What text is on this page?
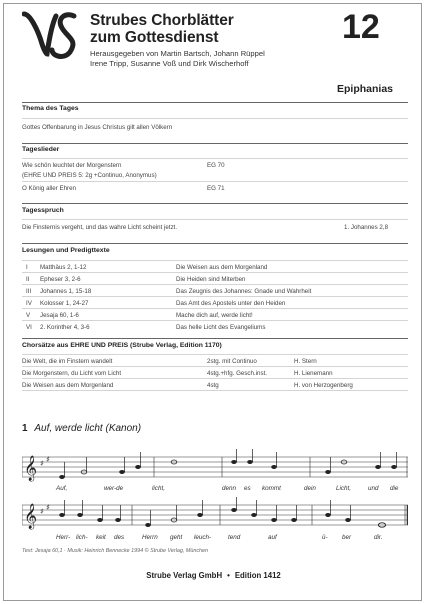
Strubes Chorblätter
zum Gottesdienst	12
Herausgegeben von Martin Bartsch, Johann Rüppel
Irene Tripp, Susanne Voß und Dirk Wischerhoff
Epiphanias
Thema des Tages
Gottes Offenbarung in Jesus Christus gilt allen Völkern
Tageslieder
Wie schön leuchtet der Morgenstern	EG 70
(EHRE UND PREIS 5: 2g +Continuo, Anonymus)
O König aller Ehren	EG 71
Tagesspruch
Die Finsternis vergeht, und das wahre Licht scheint jetzt.	1. Johannes 2,8
Lesungen und Predigttexte
I Matthäus 2, 1-12	Die Weisen aus dem Morgenland
II Epheser 3, 2-6	Die Heiden sind Miterben
III Johannes 1, 15-18	Das Zeugnis des Johannes: Gnade und Wahrheit
IV Kolosser 1, 24-27	Das Amt des Apostels unter den Heiden
V Jesaja 60, 1-6	Mache dich auf, werde licht!
VI 2. Korinther 4, 3-6	Das helle Licht des Evangeliums
Chorsätze aus EHRE UND PREIS (Strube Verlag, Edition 1170)
Die Welt, die im Finstern wandelt	2stg. mit Continuo	H. Stern
Die Morgenstern, du Licht vom Licht	4stg.+hfg. Gesch.inst.	H. Lienemann
Die Weisen aus dem Morgenland	4stg	H. von Herzogenberg
1 Auf, werde licht (Kanon)
𝄞 ♯ ♯
Auf,	wer-de	licht,	denn es kommt	dein	Licht,	und die
𝄞 ♯ ♯
Herr- lich- keit des	Herrn geht leuch-	tend	auf	ü- ber	dir.
Text: Jesaja 60,1 · Musik: Heinrich Bennecke 1994 © Strube Verlag, München
Strube Verlag GmbH • Edition 1412
